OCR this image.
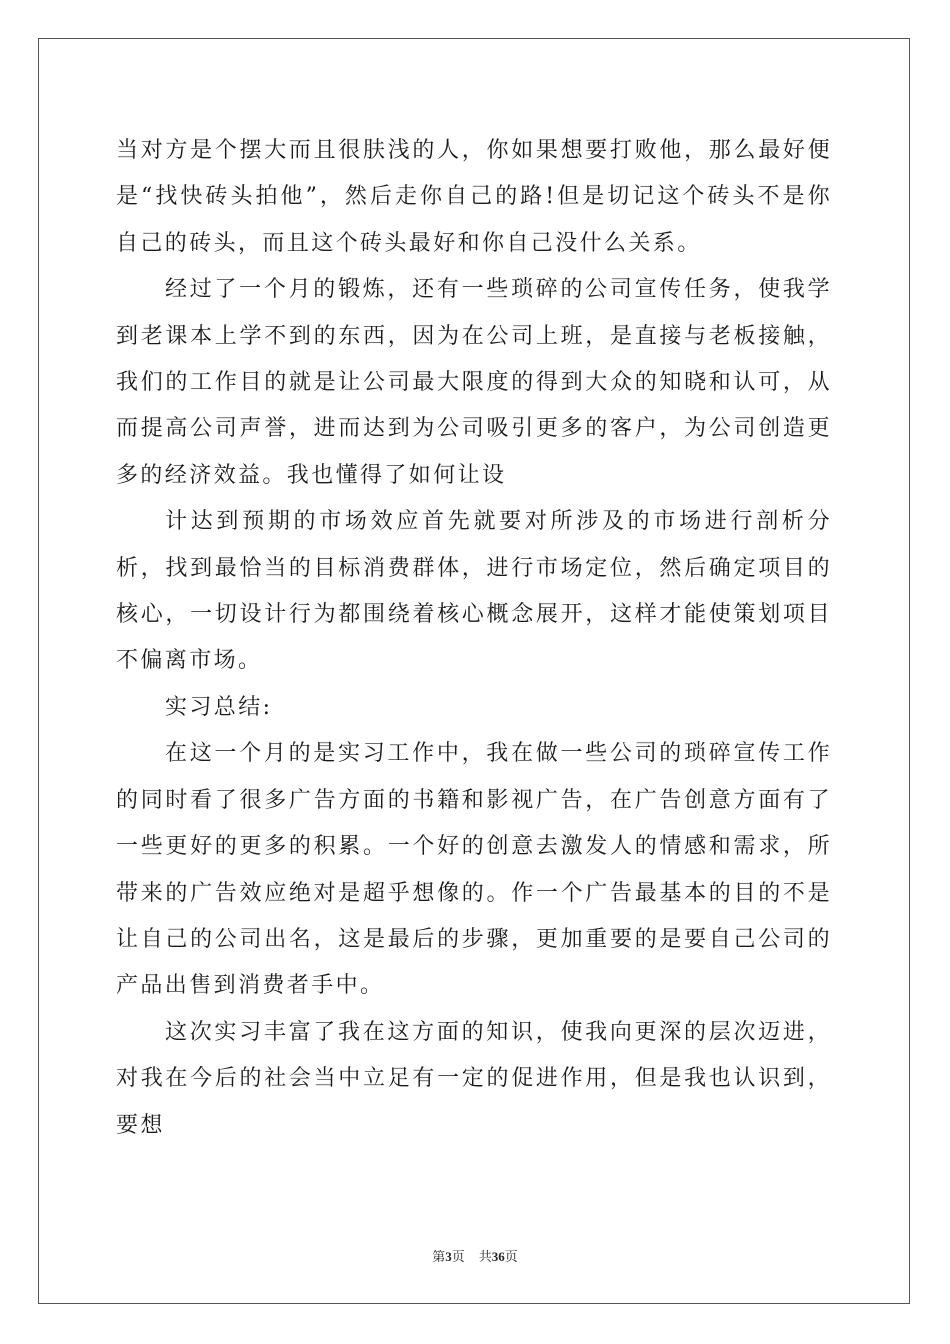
当对方是个摆大而且很肤浅的人，你如果想要打败他，那么最好便是“找快砖头拍他”，然后走你自己的路!但是切记这个砖头不是你自己的砖头，而且这个砖头最好和你自己没什么关系。

经过了一个月的锻炼，还有一些琐碎的公司宣传任务，使我学到老课本上学不到的东西，因为在公司上班，是直接与老板接触，我们的工作目的就是让公司最大限度的得到大众的知晓和认可，从而提高公司声誉，进而达到为公司吸引更多的客户，为公司创造更多的经济效益。我也懂得了如何让设

计达到预期的市场效应首先就要对所涉及的市场进行剖析分析，找到最恰当的目标消费群体，进行市场定位，然后确定项目的核心，一切设计行为都围绕着核心概念展开，这样才能使策划项目不偏离市场。

实习总结:

在这一个月的是实习工作中，我在做一些公司的琐碎宣传工作的同时看了很多广告方面的书籍和影视广告，在广告创意方面有了一些更好的更多的积累。一个好的创意去激发人的情感和需求，所带来的广告效应绝对是超乎想像的。作一个广告最基本的目的不是让自己的公司出名，这是最后的步骤，更加重要的是要自己公司的产品出售到消费者手中。

这次实习丰富了我在这方面的知识，使我向更深的层次迈进，对我在今后的社会当中立足有一定的促进作用，但是我也认识到，要想

第3页 共36页
